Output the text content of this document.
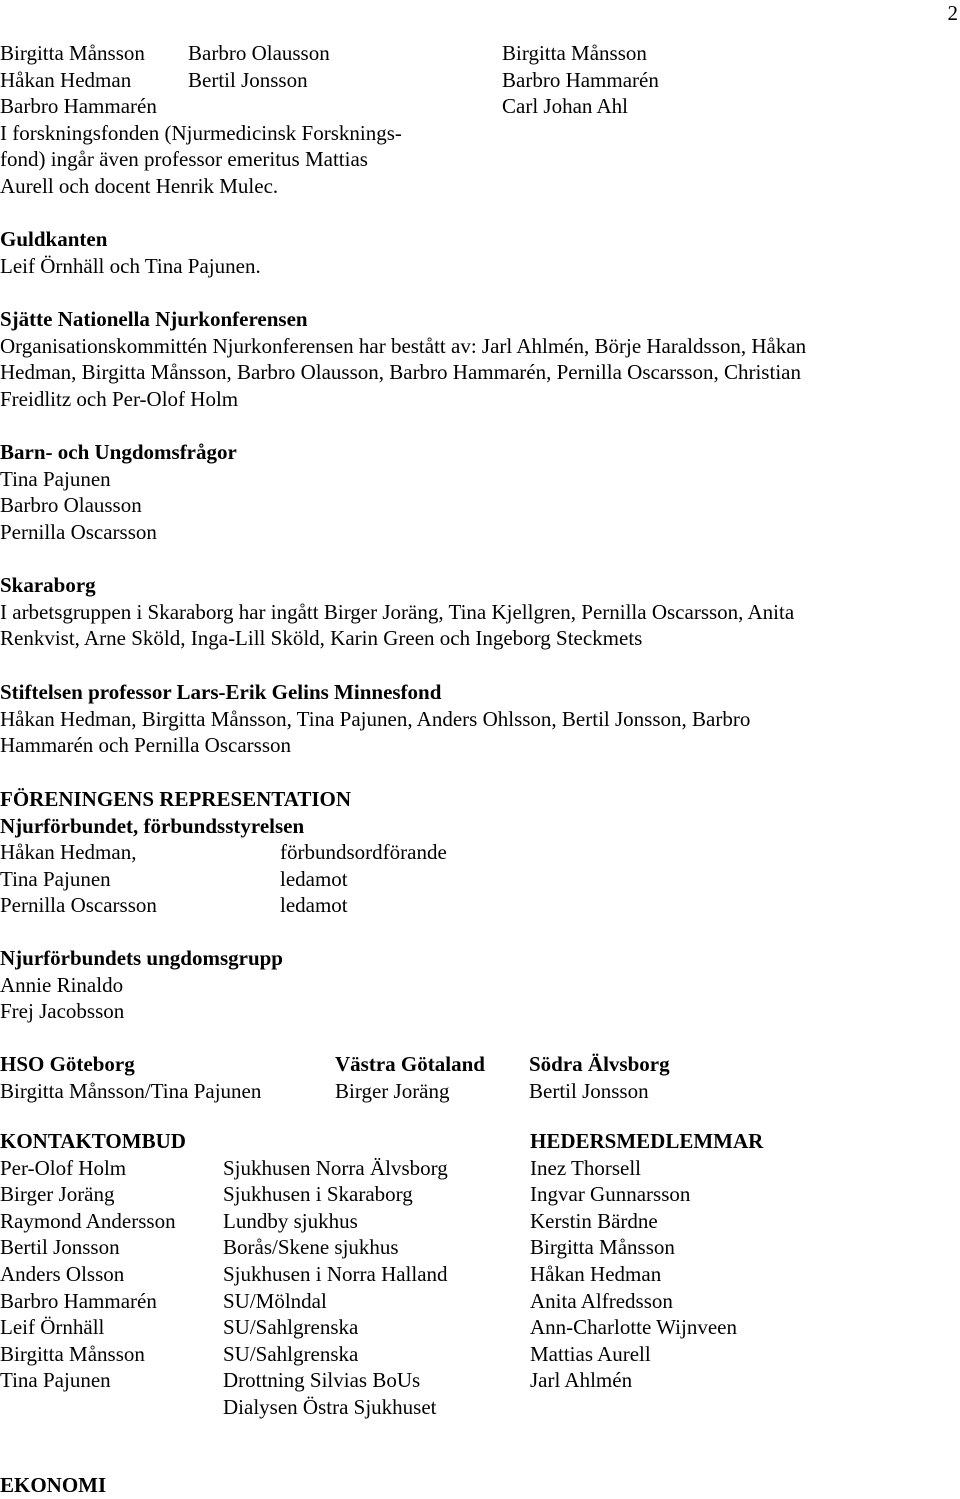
2
Birgitta Månsson
Håkan Hedman
Barbro Hammarén
I forskningsfonden (Njurmedicinsk Forsknings-
fond) ingår även professor emeritus Mattias
Aurell och docent Henrik Mulec.
Barbro Olausson
Bertil Jonsson
Birgitta Månsson
Barbro Hammarén
Carl Johan Ahl
Guldkanten
Leif Örnhäll och Tina Pajunen.
Sjätte Nationella Njurkonferensen
Organisationskommittén Njurkonferensen har bestått av: Jarl Ahlmén, Börje Haraldsson, Håkan
Hedman, Birgitta Månsson, Barbro Olausson, Barbro Hammarén, Pernilla Oscarsson, Christian
Freidlitz och Per-Olof Holm
Barn- och Ungdomsfrågor
Tina Pajunen
Barbro Olausson
Pernilla Oscarsson
Skaraborg
I arbetsgruppen i Skaraborg har ingått Birger Joräng, Tina Kjellgren, Pernilla Oscarsson, Anita
Renkvist, Arne Sköld, Inga-Lill Sköld, Karin Green och Ingeborg Steckmets
Stiftelsen professor Lars-Erik Gelins Minnesfond
Håkan Hedman, Birgitta Månsson, Tina Pajunen, Anders Ohlsson, Bertil Jonsson, Barbro
Hammarén och Pernilla Oscarsson
FÖRENINGENS REPRESENTATION
Njurförbundet, förbundsstyrelsen
Håkan Hedman,
Tina Pajunen
Pernilla Oscarsson
förbundsordförande
ledamot
ledamot
Njurförbundets ungdomsgrupp
Annie Rinaldo
Frej Jacobsson
HSO Göteborg
Birgitta Månsson/Tina Pajunen
Västra Götaland
Birger Joräng
Södra Älvsborg
Bertil Jonsson
KONTAKTOMBUD
Per-Olof Holm
Birger Joräng
Raymond Andersson
Bertil Jonsson
Anders Olsson
Barbro Hammarén
Leif Örnhäll
Birgitta Månsson
Tina Pajunen
Sjukhusen Norra Älvsborg
Sjukhusen i Skaraborg
Lundby sjukhus
Borås/Skene sjukhus
Sjukhusen i Norra Halland
SU/Mölndal
SU/Sahlgrenska
SU/Sahlgrenska
Drottning Silvias BoUs
Dialysen Östra Sjukhuset
HEDERSMEDLEMMAR
Inez Thorsell
Ingvar Gunnarsson
Kerstin Bärdne
Birgitta Månsson
Håkan Hedman
Anita Alfredsson
Ann-Charlotte Wijnveen
Mattias Aurell
Jarl Ahlmén
EKONOMI
